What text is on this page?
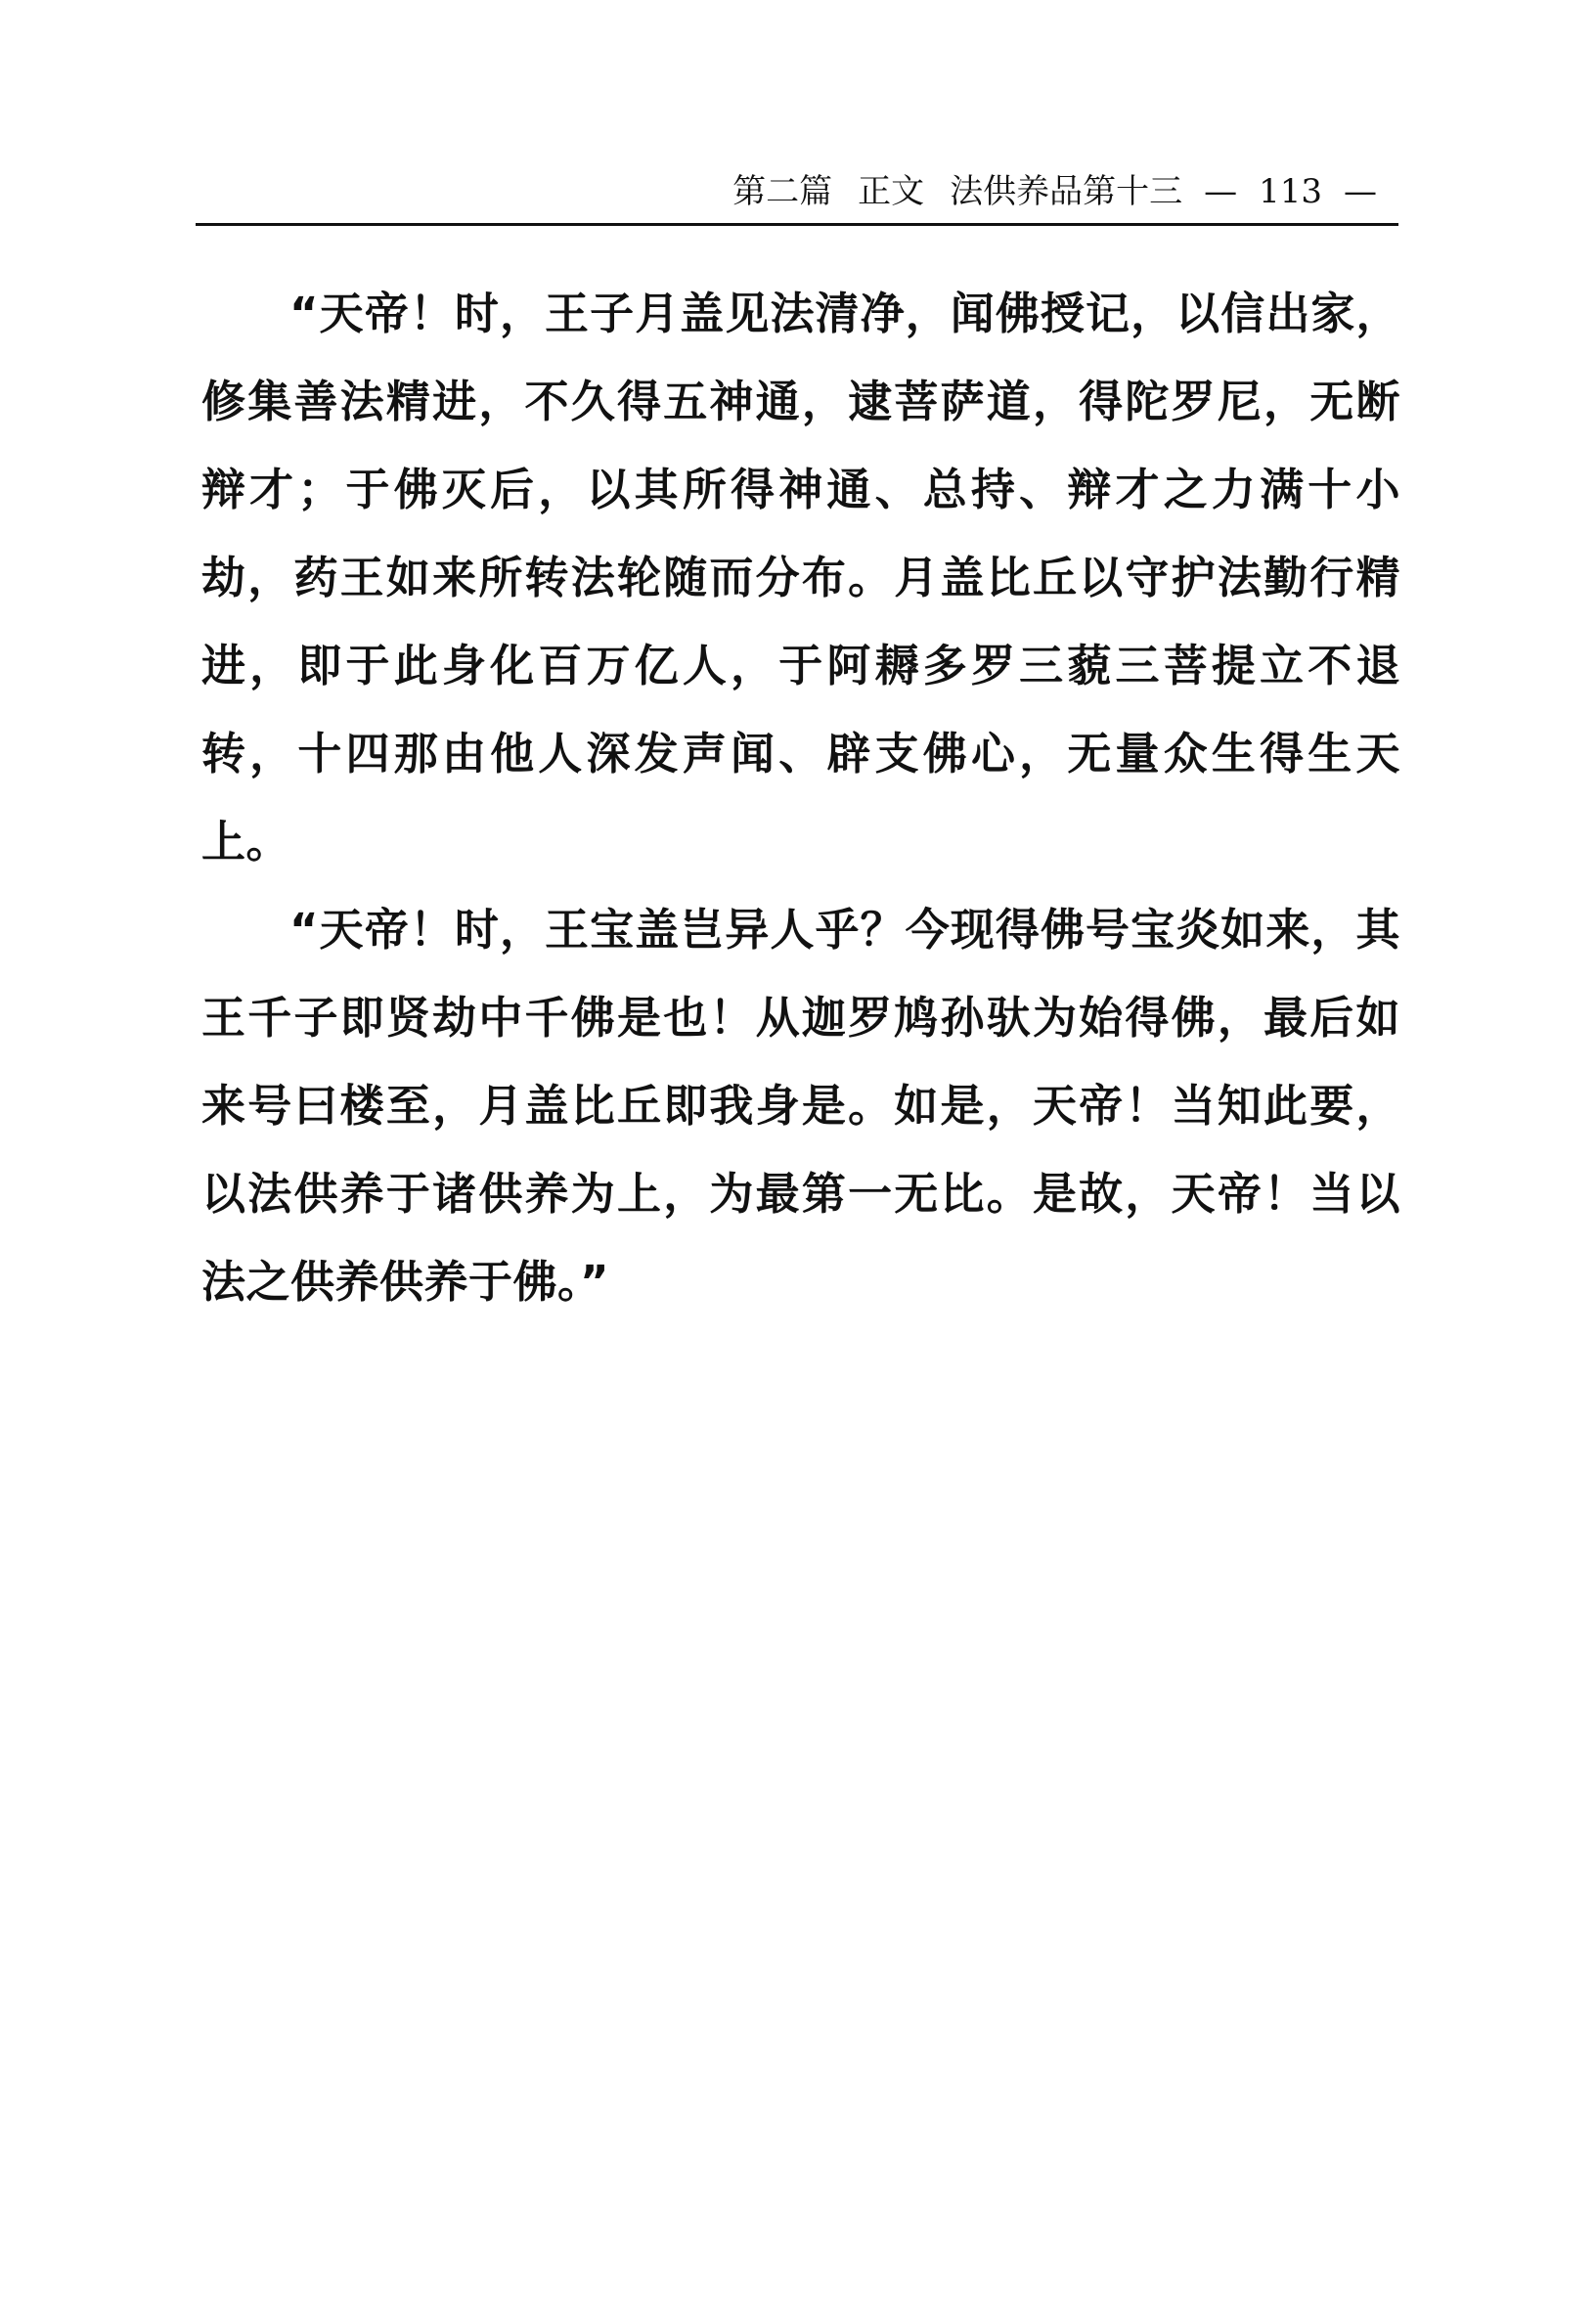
第二篇 正文 法供养品第十三 — 113 —

“天帝！时，王子月盖见法清净，闻佛授记，以信出家，修集善法精进，不久得五神通，逮菩萨道，得陀罗尼，无断辩才；于佛灭后，以其所得神通、总持、辩才之力满十小劫，药王如来所转法轮随而分布。月盖比丘以守护法勤行精进，即于此身化百万亿人，于阿耨多罗三藐三菩提立不退转，十四那由他人深发声闻、辟支佛心，无量众生得生天上。

“天帝！时，王宝盖岂异人乎？今现得佛号宝炎如来，其王千子即贤劫中千佛是也！从迦罗鸠孙驮为始得佛，最后如来号曰楼至，月盖比丘即我身是。如是，天帝！当知此要，以法供养于诸供养为上，为最第一无比。是故，天帝！当以法之供养供养于佛。”
